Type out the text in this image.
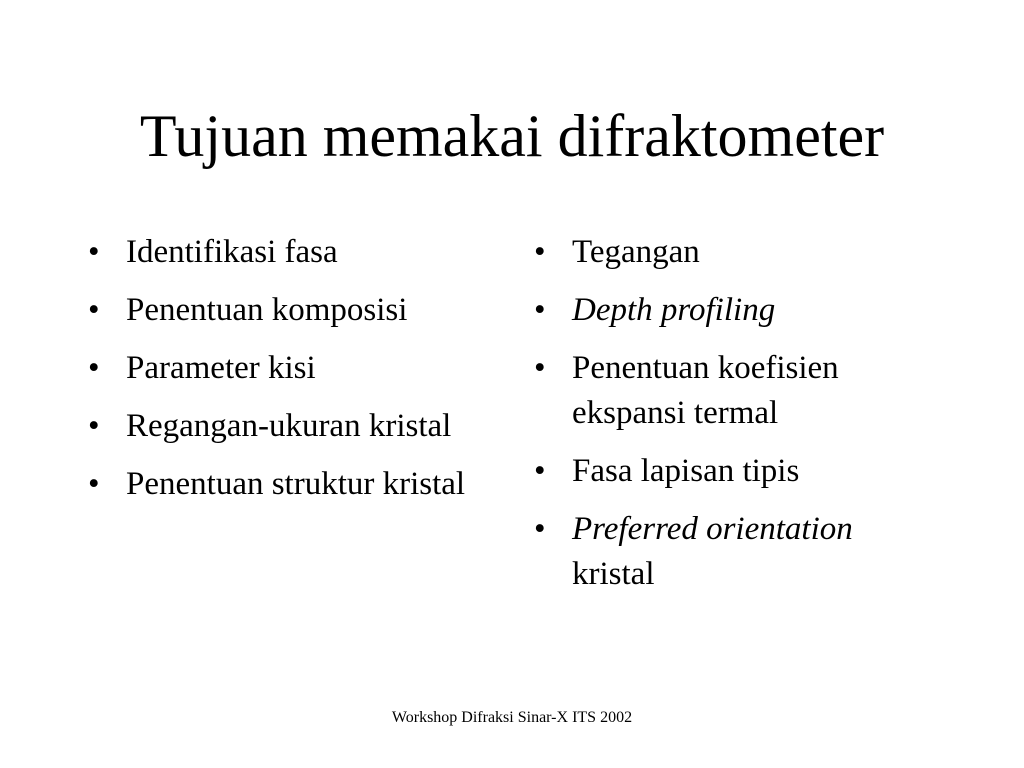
Tujuan memakai difraktometer
• Identifikasi fasa
• Penentuan komposisi
• Parameter kisi
• Regangan-ukuran kristal
• Penentuan struktur kristal
• Tegangan
• Depth profiling
• Penentuan koefisien ekspansi termal
• Fasa lapisan tipis
• Preferred orientation kristal
Workshop Difraksi Sinar-X ITS 2002
